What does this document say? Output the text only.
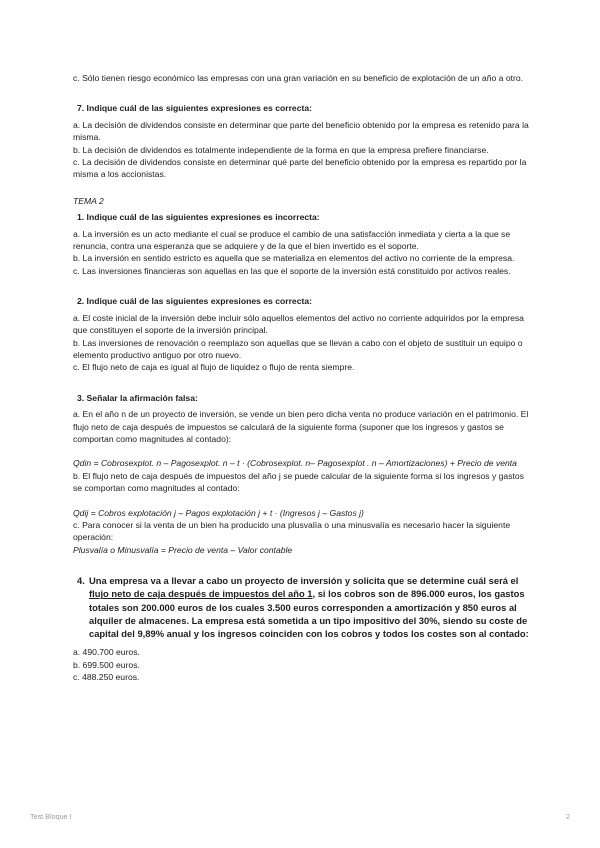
c. Sólo tienen riesgo económico las empresas con una gran variación en su beneficio de explotación de un año a otro.

7. Indique cuál de las siguientes expresiones es correcta:

a. La decisión de dividendos consiste en determinar que parte del beneficio obtenido por la empresa es retenido para la misma.

b. La decisión de dividendos es totalmente independiente de la forma en que la empresa prefiere financiarse.

c. La decisión de dividendos consiste en determinar qué parte del beneficio obtenido por la empresa es repartido por la misma a los accionistas.

TEMA 2

1. Indique cuál de las siguientes expresiones es incorrecta:

a. La inversión es un acto mediante el cual se produce el cambio de una satisfacción inmediata y cierta a la que se renuncia, contra una esperanza que se adquiere y de la que el bien invertido es el soporte.

b. La inversión en sentido estricto es aquella que se materializa en elementos del activo no corriente de la empresa.

c. Las inversiones financieras son aquellas en las que el soporte de la inversión está constituido por activos reales.

2. Indique cuál de las siguientes expresiones es correcta:

a. El coste inicial de la inversión debe incluir sólo aquellos elementos del activo no corriente adquiridos por la empresa que constituyen el soporte de la inversión principal.

b. Las inversiones de renovación o reemplazo son aquellas que se llevan a cabo con el objeto de sustituir un equipo o elemento productivo antiguo por otro nuevo.

c. El flujo neto de caja es igual al flujo de liquidez o flujo de renta siempre.

3. Señalar la afirmación falsa:

a. En el año n de un proyecto de inversión, se vende un bien pero dicha venta no produce variación en el patrimonio. El flujo neto de caja después de impuestos se calculará de la siguiente forma (suponer que los ingresos y gastos se comportan como magnitudes al contado):

Qdin = Cobrosexplot. n – Pagosexplot. n – t · (Cobrosexplot. n– Pagosexplot . n – Amortizaciones) + Precio de venta

b. El flujo neto de caja después de impuestos del año j se puede calcular de la siguiente forma si los ingresos y gastos se comportan como magnitudes al contado:

Qdij = Cobros explotación j – Pagos explotación j + t · (Ingresos j – Gastos j)

c. Para conocer si la venta de un bien ha producido una plusvalía o una minusvalía es necesario hacer la siguiente operación:

Plusvalía o Minusvalía = Precio de venta – Valor contable

4. Una empresa va a llevar a cabo un proyecto de inversión y solicita que se determine cuál será el flujo neto de caja después de impuestos del año 1, si los cobros son de 896.000 euros, los gastos totales son 200.000 euros de los cuales 3.500 euros corresponden a amortización y 850 euros al alquiler de almacenes. La empresa está sometida a un tipo impositivo del 30%, siendo su coste de capital del 9,89% anual y los ingresos coinciden con los cobros y todos los costes son al contado:

a. 490.700 euros.

b. 699.500 euros.

c. 488.250 euros.

Test Bloque I	2
